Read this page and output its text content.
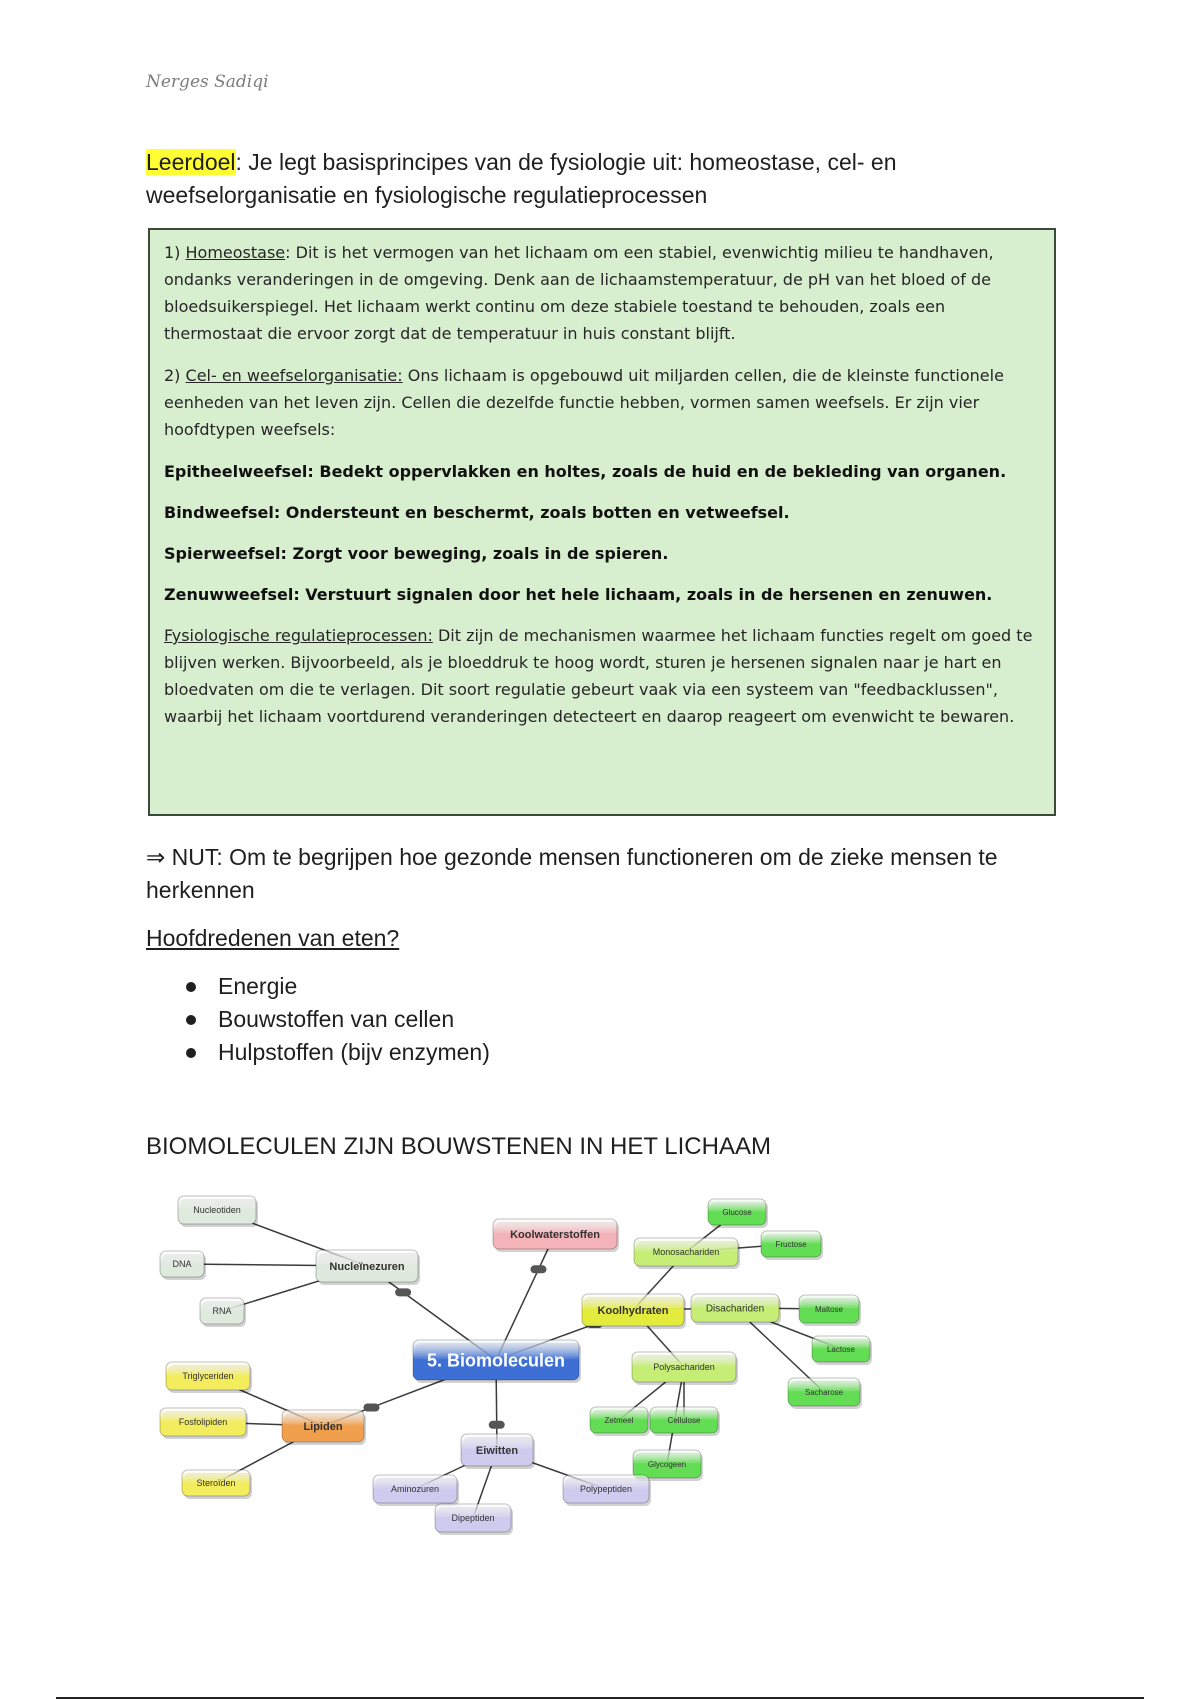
Nerges Sadiqi
Leerdoel: Je legt basisprincipes van de fysiologie uit: homeostase, cel- en weefselorganisatie en fysiologische regulatieprocessen

1) Homeostase: Dit is het vermogen van het lichaam om een stabiel, evenwichtig milieu te handhaven, ondanks veranderingen in de omgeving. Denk aan de lichaamstemperatuur, de pH van het bloed of de bloedsuikerspiegel. Het lichaam werkt continu om deze stabiele toestand te behouden, zoals een thermostaat die ervoor zorgt dat de temperatuur in huis constant blijft.

2) Cel- en weefselorganisatie: Ons lichaam is opgebouwd uit miljarden cellen, die de kleinste functionele eenheden van het leven zijn. Cellen die dezelfde functie hebben, vormen samen weefsels. Er zijn vier hoofdtypen weefsels:

Epitheelweefsel: Bedekt oppervlakken en holtes, zoals de huid en de bekleding van organen.

Bindweefsel: Ondersteunt en beschermt, zoals botten en vetweefsel.

Spierweefsel: Zorgt voor beweging, zoals in de spieren.

Zenuwweefsel: Verstuurt signalen door het hele lichaam, zoals in de hersenen en zenuwen.

Fysiologische regulatieprocessen: Dit zijn de mechanismen waarmee het lichaam functies regelt om goed te blijven werken. Bijvoorbeeld, als je bloeddruk te hoog wordt, sturen je hersenen signalen naar je hart en bloedvaten om die te verlagen. Dit soort regulatie gebeurt vaak via een systeem van "feedbacklussen", waarbij het lichaam voortdurend veranderingen detecteert en daarop reageert om evenwicht te bewaren.

⇒ NUT: Om te begrijpen hoe gezonde mensen functioneren om de zieke mensen te herkennen
Hoofdredenen van eten?
Energie
Bouwstoffen van cellen
Hulpstoffen (bijv enzymen)
BIOMOLECULEN ZIJN BOUWSTENEN IN HET LICHAAM
5. Biomoleculen
Koolwaterstoffen
Koolhydraten
Monosachariden
Glucose
Fructose
Disachariden	Maltose
Lactose
Sacharose
Polysachariden
Zetmeel	Cellulose
Glycogeen
Nucleïnezuren
Nucleotiden
DNA
RNA
Lipiden
Triglyceriden
Fosfolipiden
Steroïden
Eiwitten
Aminozuren
Dipeptiden
Polypeptiden
